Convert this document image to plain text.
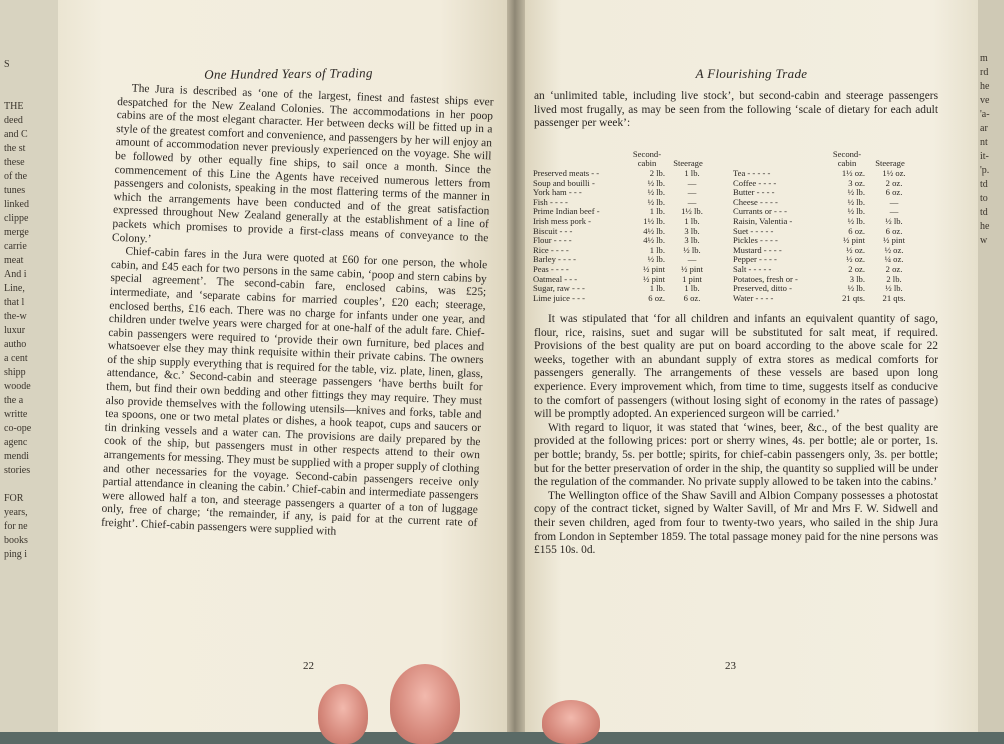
S
THE
deed
and C
the st
these
of the
tunes
linked
clippe
merge
carrie
meat
And i
Line,
that l
the-w
luxur
autho
a cent
shipp
woode
the a
writte
co-ope
agenc
mendi
stories
FOR
years,
for ne
books
ping i
m
rd
he
ve
'a-
ar
nt
it-
'p.
td
to
td
he
w
One Hundred Years of Trading

The Jura is described as ‘one of the largest, finest and fastest ships ever despatched for the New Zealand Colonies. The accommodations in her poop cabins are of the most elegant character. Her between decks will be fitted up in a style of the greatest comfort and convenience, and passengers by her will enjoy an amount of accommodation never previously experienced on the voyage. She will be followed by other equally fine ships, to sail once a month. Since the commencement of this Line the Agents have received numerous letters from passengers and colonists, speaking in the most flattering terms of the manner in which the arrangements have been conducted and of the great satisfaction expressed throughout New Zealand generally at the establishment of a line of packets which promises to provide a first-class means of conveyance to the Colony.’

Chief-cabin fares in the Jura were quoted at £60 for one person, the whole cabin, and £45 each for two persons in the same cabin, ‘poop and stern cabins by special agreement’. The second-cabin fare, enclosed cabins, was £25; intermediate, and ‘separate cabins for married couples’, £20 each; steerage, enclosed berths, £16 each. There was no charge for infants under one year, and children under twelve years were charged for at one-half of the adult fare. Chief-cabin passengers were required to ‘provide their own furniture, bed places and whatsoever else they may think requisite within their private cabins. The owners of the ship supply everything that is required for the table, viz. plate, linen, glass, attendance, &c.’ Second-cabin and steerage passengers ‘have berths built for them, but find their own bedding and other fittings they may require. They must also provide themselves with the following utensils—knives and forks, table and tea spoons, one or two metal plates or dishes, a hook teapot, cups and saucers or tin drinking vessels and a water can. The provisions are daily prepared by the cook of the ship, but passengers must in other respects attend to their own arrangements for messing. They must be supplied with a proper supply of clothing and other necessaries for the voyage. Second-cabin passengers receive only partial attendance in cleaning the cabin.’ Chief-cabin and intermediate passengers were allowed half a ton, and steerage passengers a quarter of a ton of luggage only, free of charge; ‘the remainder, if any, is paid for at the current rate of freight’. Chief-cabin passengers were supplied with

22
A Flourishing Trade

an ‘unlimited table, including live stock’, but second-cabin and steerage passengers lived most frugally, as may be seen from the following ‘scale of dietary for each adult passenger per week’:

Second-cabin	Steerage
Preserved meats - -	2 lb.	1 lb.
Soup and bouilli -	½ lb.	—
York ham - - -	½ lb.	—
Fish - - - -	½ lb.	—
Prime Indian beef -	1 lb.	1½ lb.
Irish mess pork -	1½ lb.	1 lb.
Biscuit - - -	4½ lb.	3 lb.
Flour - - - -	4½ lb.	3 lb.
Rice - - - -	1 lb.	½ lb.
Barley - - - -	½ lb.	—
Peas - - - -	½ pint	½ pint
Oatmeal - - -	½ pint	1 pint
Sugar, raw - - -	1 lb.	1 lb.
Lime juice - - -	6 oz.	6 oz.
Second-cabin	Steerage
Tea - - - - -	1½ oz.	1½ oz.
Coffee - - - -	3 oz.	2 oz.
Butter - - - -	½ lb.	6 oz.
Cheese - - - -	½ lb.	—
Currants or - - -	½ lb.	—
Raisin, Valentia -	½ lb.	½ lb.
Suet - - - - -	6 oz.	6 oz.
Pickles - - - -	½ pint	½ pint
Mustard - - - -	½ oz.	½ oz.
Pepper - - - -	½ oz.	¼ oz.
Salt - - - - -	2 oz.	2 oz.
Potatoes, fresh or -	3 lb.	2 lb.
Preserved, ditto -	½ lb.	½ lb.
Water - - - -	21 qts.	21 qts.

It was stipulated that ‘for all children and infants an equivalent quantity of sago, flour, rice, raisins, suet and sugar will be substituted for salt meat, if required. Provisions of the best quality are put on board according to the above scale for 22 weeks, together with an abundant supply of extra stores as medical comforts for passengers generally. The arrangements of these vessels are based upon long experience. Every improvement which, from time to time, suggests itself as conducive to the comfort of passengers (without losing sight of economy in the rates of passage) will be promptly adopted. An experienced surgeon will be carried.’

With regard to liquor, it was stated that ‘wines, beer, &c., of the best quality are provided at the following prices: port or sherry wines, 4s. per bottle; ale or porter, 1s. per bottle; brandy, 5s. per bottle; spirits, for chief-cabin passengers only, 3s. per bottle; but for the better preservation of order in the ship, the quantity so supplied will be under the regulation of the commander. No private supply allowed to be taken into the cabins.’

The Wellington office of the Shaw Savill and Albion Company possesses a photostat copy of the contract ticket, signed by Walter Savill, of Mr and Mrs F. W. Sidwell and their seven children, aged from four to twenty-two years, who sailed in the ship Jura from London in September 1859. The total passage money paid for the nine persons was £155 10s. 0d.

23
